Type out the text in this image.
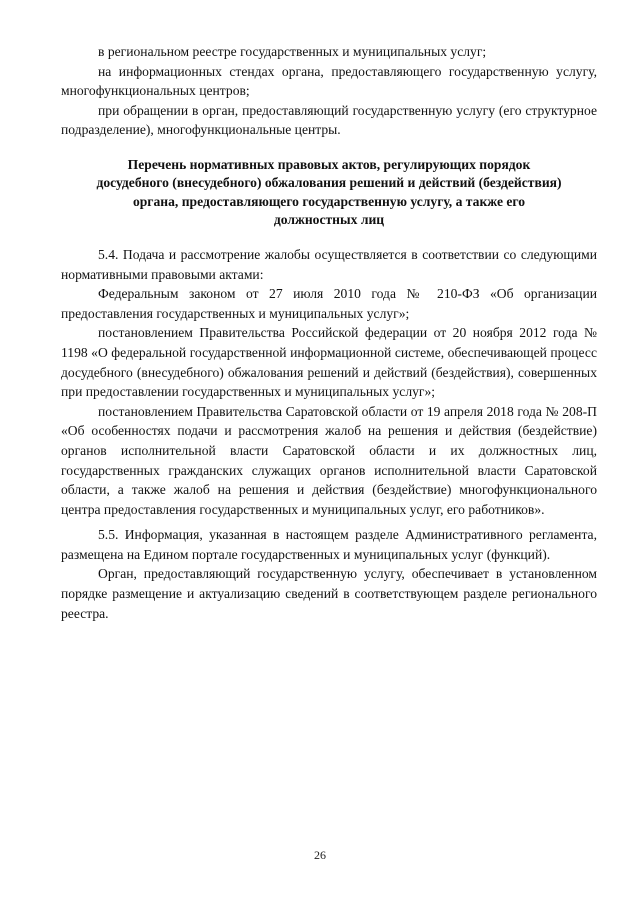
в региональном реестре государственных и муниципальных услуг;

на информационных стендах органа, предоставляющего государственную услугу, многофункциональных центров;

при обращении в орган, предоставляющий государственную услугу (его структурное подразделение), многофункциональные центры.

Перечень нормативных правовых актов, регулирующих порядок
досудебного (внесудебного) обжалования решений и действий (бездействия)
органа, предоставляющего государственную услугу, а также его
должностных лиц

5.4. Подача и рассмотрение жалобы осуществляется в соответствии со следующими нормативными правовыми актами:

Федеральным законом от 27 июля 2010 года № 210-ФЗ «Об организации предоставления государственных и муниципальных услуг»;

постановлением Правительства Российской федерации от 20 ноября 2012 года № 1198 «О федеральной государственной информационной системе, обеспечивающей процесс досудебного (внесудебного) обжалования решений и действий (бездействия), совершенных при предоставлении государственных и муниципальных услуг»;

постановлением Правительства Саратовской области от 19 апреля 2018 года № 208-П «Об особенностях подачи и рассмотрения жалоб на решения и действия (бездействие) органов исполнительной власти Саратовской области и их должностных лиц, государственных гражданских служащих органов исполнительной власти Саратовской области, а также жалоб на решения и действия (бездействие) многофункционального центра предоставления государственных и муниципальных услуг, его работников».

5.5. Информация, указанная в настоящем разделе Административного регламента, размещена на Едином портале государственных и муниципальных услуг (функций).

Орган, предоставляющий государственную услугу, обеспечивает в установленном порядке размещение и актуализацию сведений в соответствующем разделе регионального реестра.

26
